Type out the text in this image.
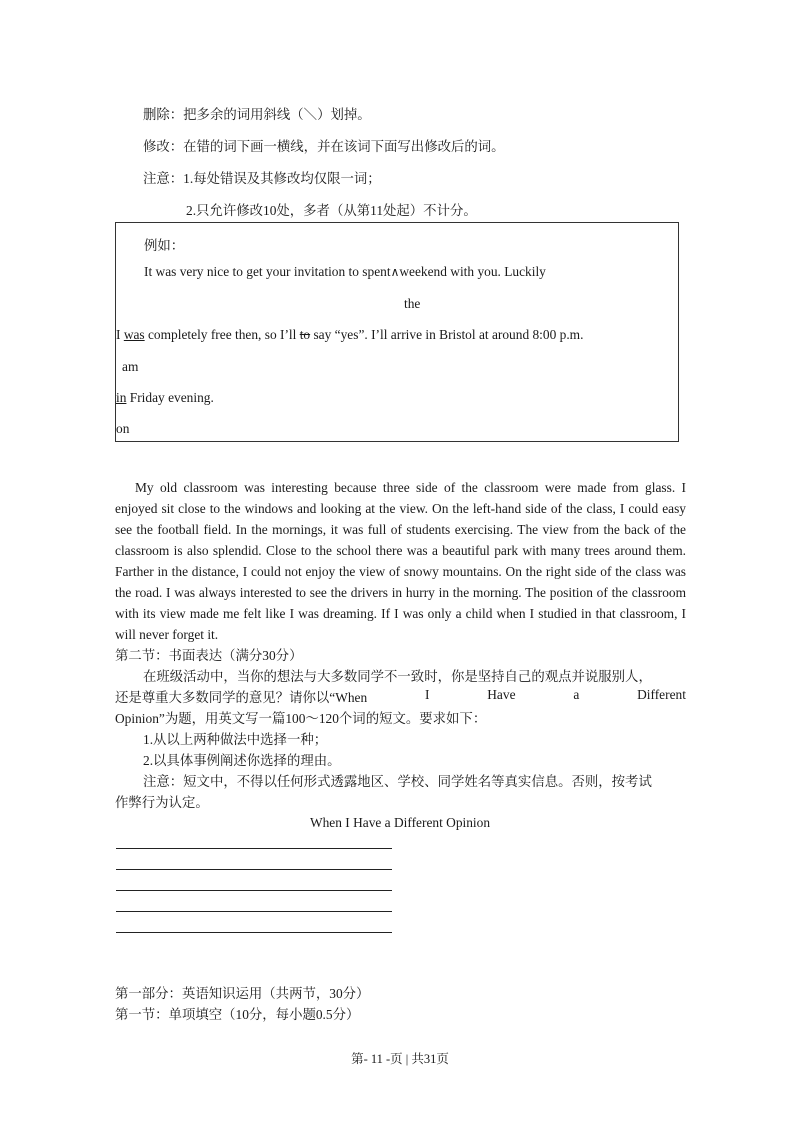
删除：把多余的词用斜线（＼）划掉。

修改：在错的词下画一横线，并在该词下面写出修改后的词。

注意：1.每处错误及其修改均仅限一词；

2.只允许修改10处，多者（从第11处起）不计分。

例如：
It was very nice to get your invitation to spent∧weekend with you. Luckily
the
I was completely free then, so I’ll to say “yes”. I’ll arrive in Bristol at around 8:00 p.m.
am
in Friday evening.
on
My old classroom was interesting because three side of the classroom were made from glass. I enjoyed sit close to the windows and looking at the view. On the left-hand side of the class, I could easy see the football field. In the mornings, it was full of students exercising. The view from the back of the classroom is also splendid. Close to the school there was a beautiful park with many trees around them. Farther in the distance, I could not enjoy the view of snowy mountains. On the right side of the class was the road. I was always interested to see the drivers in hurry in the morning. The position of the classroom with its view made me felt like I was dreaming. If I was only a child when I studied in that classroom, I will never forget it.
第二节：书面表达（满分30分）
在班级活动中，当你的想法与大多数同学不一致时，你是坚持自己的观点并说服别人，
还是尊重大多数同学的意见？请你以“When	I	Have	a	Different
Opinion”为题，用英文写一篇100～120个词的短文。要求如下：
1.从以上两种做法中选择一种；
2.以具体事例阐述你选择的理由。
注意：短文中，不得以任何形式透露地区、学校、同学姓名等真实信息。否则，按考试
作弊行为认定。
When I Have a Different Opinion
第一部分：英语知识运用（共两节，30分）
第一节：单项填空（10分，每小题0.5分）
第- 11 -页 | 共31页
